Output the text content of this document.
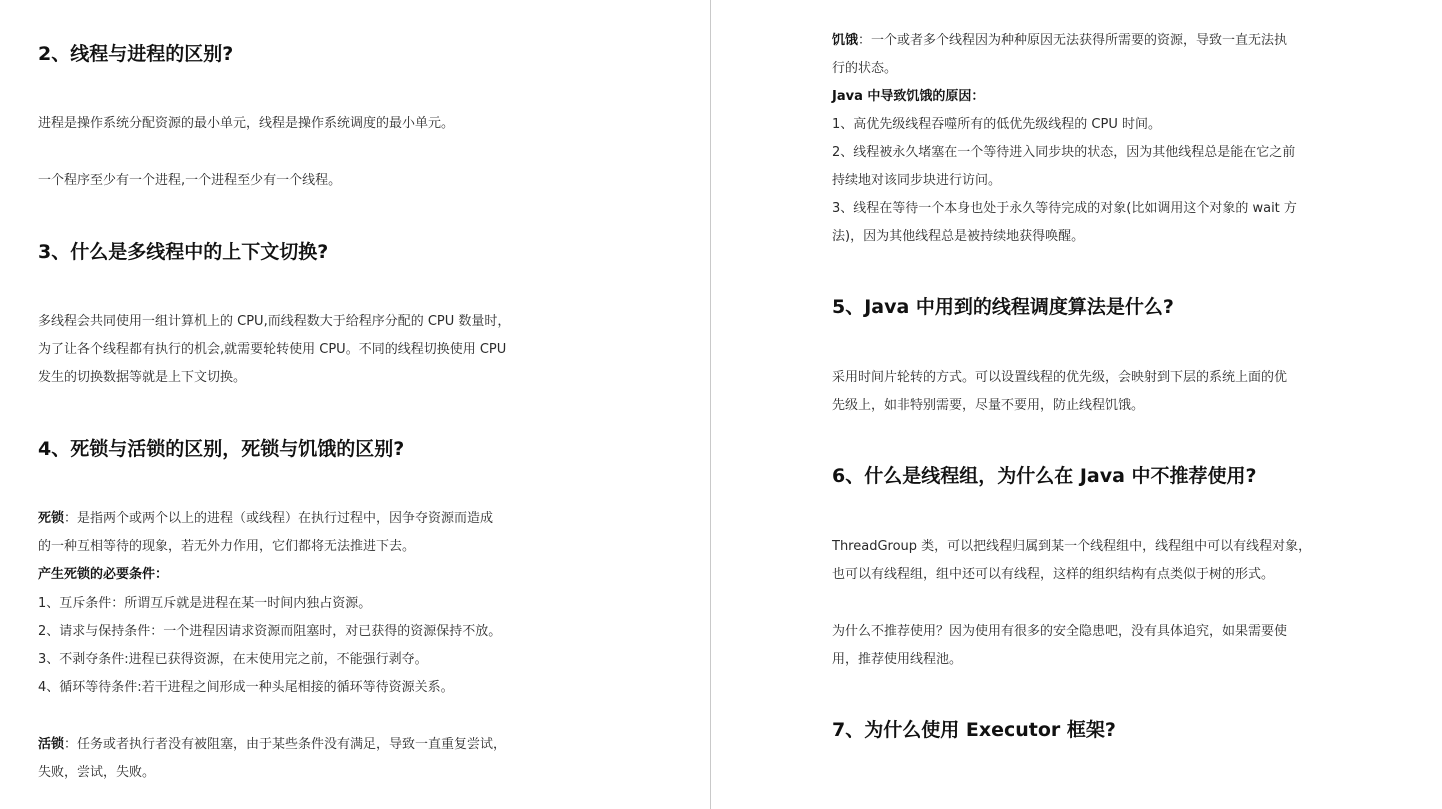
2、线程与进程的区别?

进程是操作系统分配资源的最小单元，线程是操作系统调度的最小单元。

一个程序至少有一个进程,一个进程至少有一个线程。

3、什么是多线程中的上下文切换?

多线程会共同使用一组计算机上的 CPU,而线程数大于给程序分配的 CPU 数量时，

为了让各个线程都有执行的机会,就需要轮转使用 CPU。不同的线程切换使用 CPU

发生的切换数据等就是上下文切换。

4、死锁与活锁的区别，死锁与饥饿的区别?

死锁：是指两个或两个以上的进程（或线程）在执行过程中，因争夺资源而造成

的一种互相等待的现象，若无外力作用，它们都将无法推进下去。

产生死锁的必要条件：

1、互斥条件：所谓互斥就是进程在某一时间内独占资源。

2、请求与保持条件：一个进程因请求资源而阻塞时，对已获得的资源保持不放。

3、不剥夺条件:进程已获得资源，在末使用完之前，不能强行剥夺。

4、循环等待条件:若干进程之间形成一种头尾相接的循环等待资源关系。

活锁：任务或者执行者没有被阻塞，由于某些条件没有满足，导致一直重复尝试，

失败，尝试，失败。

饥饿：一个或者多个线程因为种种原因无法获得所需要的资源，导致一直无法执

行的状态。

Java 中导致饥饿的原因：

1、高优先级线程吞噬所有的低优先级线程的 CPU 时间。

2、线程被永久堵塞在一个等待进入同步块的状态，因为其他线程总是能在它之前

持续地对该同步块进行访问。

3、线程在等待一个本身也处于永久等待完成的对象(比如调用这个对象的 wait 方

法)，因为其他线程总是被持续地获得唤醒。

5、Java 中用到的线程调度算法是什么?

采用时间片轮转的方式。可以设置线程的优先级，会映射到下层的系统上面的优

先级上，如非特别需要，尽量不要用，防止线程饥饿。

6、什么是线程组，为什么在 Java 中不推荐使用?

ThreadGroup 类，可以把线程归属到某一个线程组中，线程组中可以有线程对象，

也可以有线程组，组中还可以有线程，这样的组织结构有点类似于树的形式。

为什么不推荐使用？因为使用有很多的安全隐患吧，没有具体追究，如果需要使

用，推荐使用线程池。

7、为什么使用 Executor 框架?
